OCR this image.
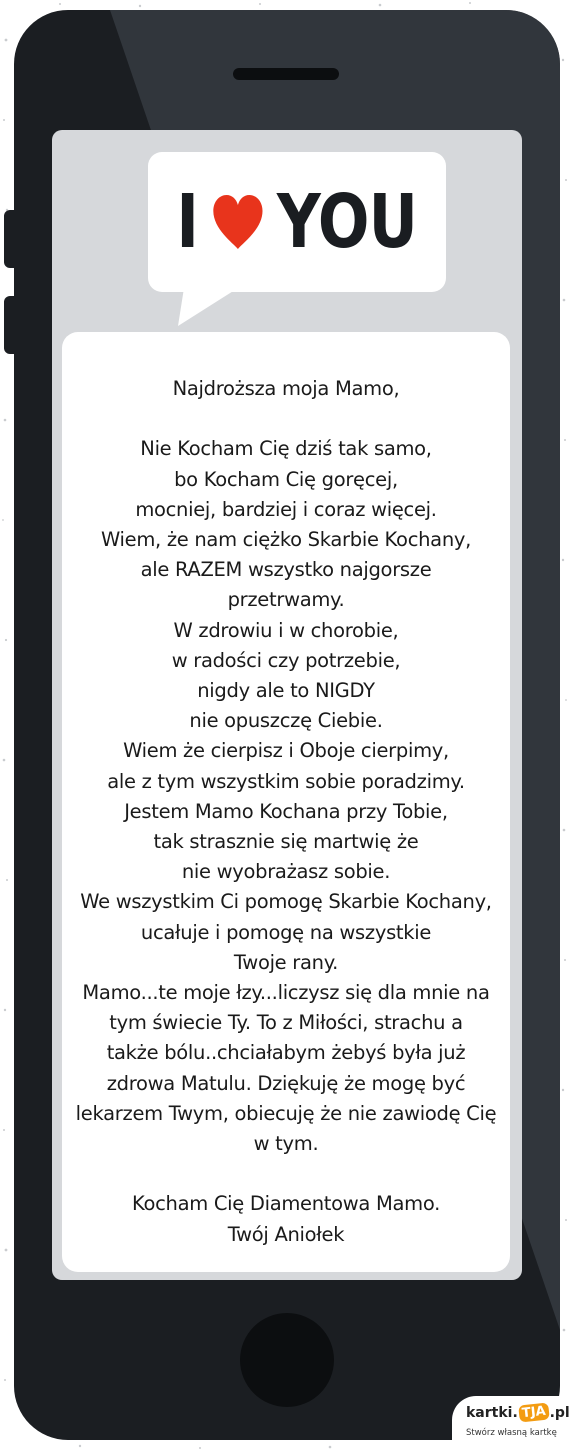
I YOU
Najdroższa moja Mamo,
Nie Kocham Cię dziś tak samo,
bo Kocham Cię goręcej,
mocniej, bardziej i coraz więcej.
Wiem, że nam ciężko Skarbie Kochany,
ale RAZEM wszystko najgorsze
przetrwamy.
W zdrowiu i w chorobie,
w radości czy potrzebie,
nigdy ale to NIGDY
nie opuszczę Ciebie.
Wiem że cierpisz i Oboje cierpimy,
ale z tym wszystkim sobie poradzimy.
Jestem Mamo Kochana przy Tobie,
tak strasznie się martwię że
nie wyobrażasz sobie.
We wszystkim Ci pomogę Skarbie Kochany,
ucałuje i pomogę na wszystkie
Twoje rany.
Mamo...te moje łzy...liczysz się dla mnie na
tym świecie Ty. To z Miłości, strachu a
także bólu..chciałabym żebyś była już
zdrowa Matulu. Dziękuję że mogę być
lekarzem Twym, obiecuję że nie zawiodę Cię
w tym.
Kocham Cię Diamentowa Mamo.
Twój Aniołek
kartki. TJA .pl
Stwórz własną kartkę
